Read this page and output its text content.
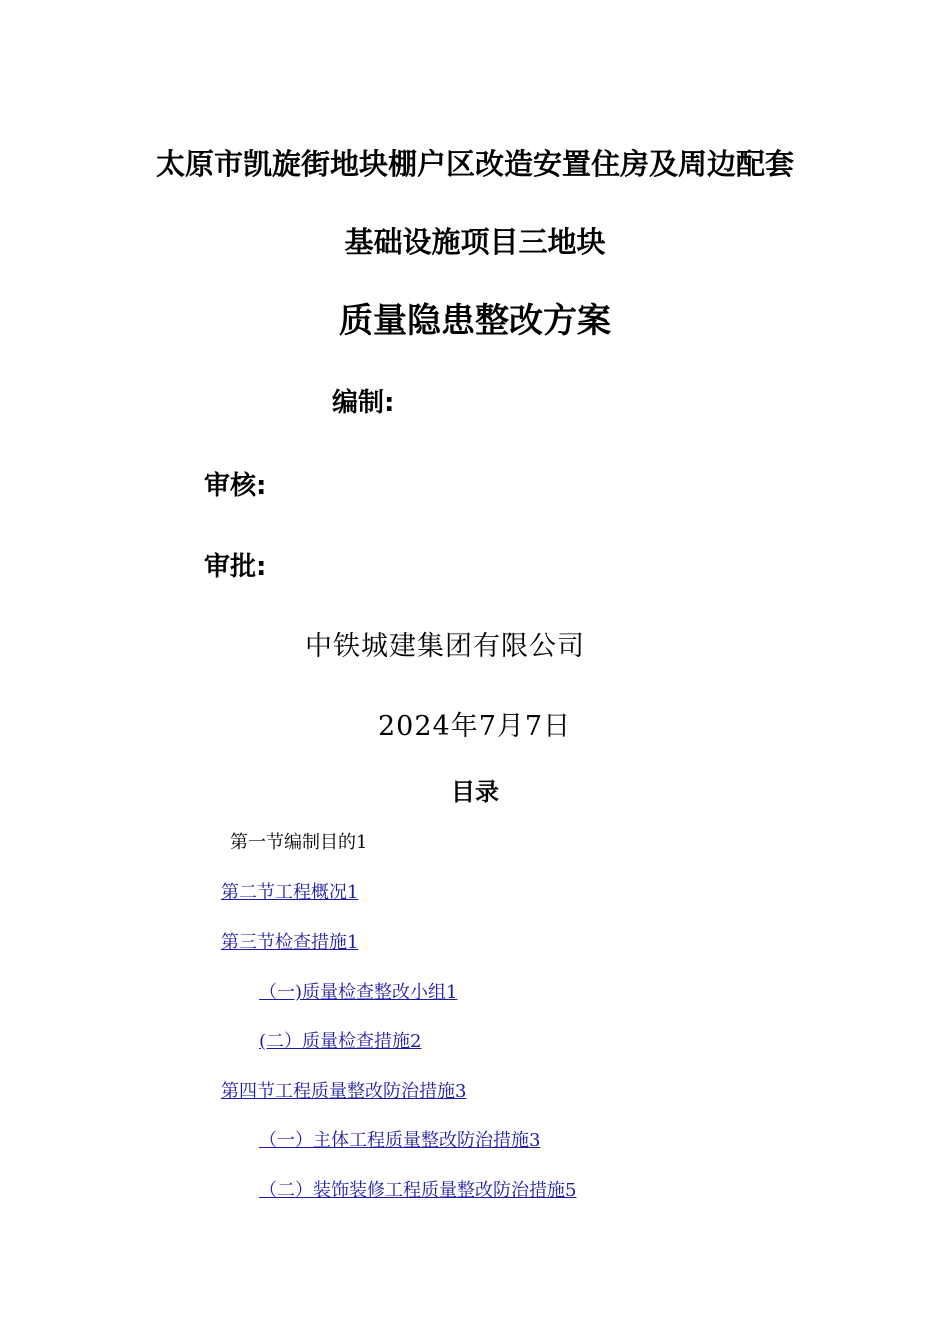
太原市凯旋街地块棚户区改造安置住房及周边配套
基础设施项目三地块
质量隐患整改方案
编制:
审核:
审批:
中铁城建集团有限公司
2024年7月7日
目录
第一节编制目的1
第二节工程概况1
第三节检查措施1
（一)质量检查整改小组1
(二）质量检查措施2
第四节工程质量整改防治措施3
（一）主体工程质量整改防治措施3
（二）装饰装修工程质量整改防治措施5
